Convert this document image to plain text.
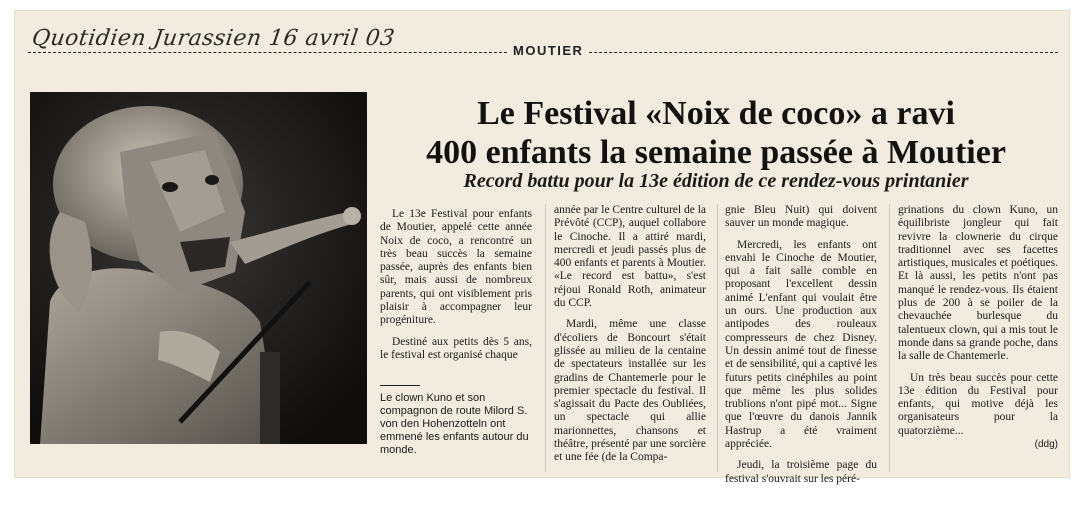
Quotidien Jurassien 16 avril 03	MOUTIER
Le clown Kuno et son compagnon de route Milord S. von den Hohenzotteln ont emmené les enfants autour du monde.
Le Festival «Noix de coco» a ravi
400 enfants la semaine passée à Moutier
Record battu pour la 13e édition de ce rendez-vous printanier

Le 13e Festival pour enfants de Moutier, appelé cette année Noix de coco, a rencontré un très beau succès la semaine passée, auprès des enfants bien sûr, mais aussi de nombreux parents, qui ont visiblement pris plaisir à accompagner leur progéniture.

Destiné aux petits dès 5 ans, le festival est organisé chaque

année par le Centre culturel de la Prévôté (CCP), auquel collabore le Cinoche. Il a attiré mardi, mercredi et jeudi passés plus de 400 enfants et parents à Moutier. «Le record est battu», s'est réjoui Ronald Roth, animateur du CCP.

Mardi, même une classe d'écoliers de Boncourt s'était glissée au milieu de la centaine de spectateurs installée sur les gradins de Chantemerle pour le premier spectacle du festival. Il s'agissait du Pacte des Oubliées, un spectacle qui allie marionnettes, chansons et théâtre, présenté par une sorcière et une fée (de la Compa-

gnie Bleu Nuit) qui doivent sauver un monde magique.

Mercredi, les enfants ont envahi le Cinoche de Moutier, qui a fait salle comble en proposant l'excellent dessin animé L'enfant qui voulait être un ours. Une production aux antipodes des rouleaux compresseurs de chez Disney. Un dessin animé tout de finesse et de sensibilité, qui a captivé les futurs petits cinéphiles au point que même les plus solides trublions n'ont pipé mot... Signe que l'œuvre du danois Jannik Hastrup a été vraiment appréciée.

Jeudi, la troisième page du festival s'ouvrait sur les péré-

grinations du clown Kuno, un équilibriste jongleur qui fait revivre la clownerie du cirque traditionnel avec ses facettes artistiques, musicales et poétiques. Et là aussi, les petits n'ont pas manqué le rendez-vous. Ils étaient plus de 200 à se poiler de la chevauchée burlesque du talentueux clown, qui a mis tout le monde dans sa grande poche, dans la salle de Chantemerle.

Un très beau succès pour cette 13e édition du Festival pour enfants, qui motive déjà les organisateurs pour la quatorzième...

(ddg)
